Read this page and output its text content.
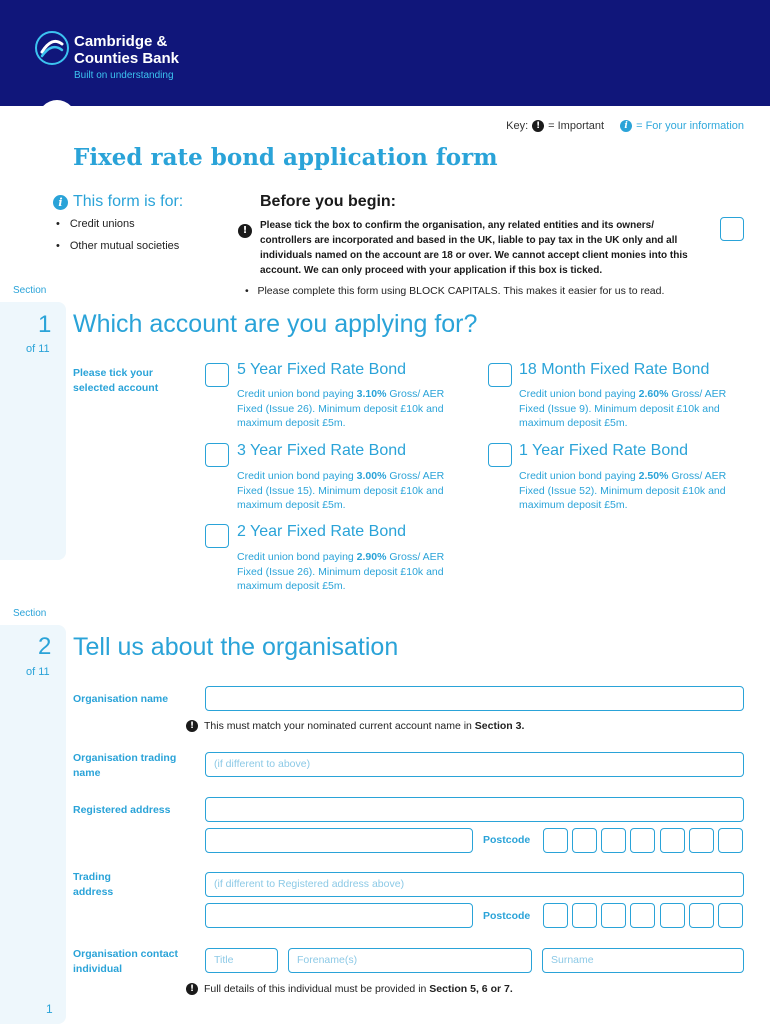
Cambridge &
Counties Bank
Built on understanding
Key: ! = Important	i = For your information
Fixed rate bond application form
i This form is for:
• Credit unions
• Other mutual societies
Before you begin:
!	Please tick the box to confirm the organisation, any related entities and its owners/ controllers are incorporated and based in the UK, liable to pay tax in the UK only and all individuals named on the account are 18 or over. We cannot accept client monies into this account. We can only proceed with your application if this box is ticked.
•   Please complete this form using BLOCK CAPITALS. This makes it easier for us to read.
Section
1
of 11
Which account are you applying for?
Please tick your selected account
5 Year Fixed Rate Bond
Credit union bond paying 3.10% Gross/ AER Fixed (Issue 26). Minimum deposit £10k and maximum deposit £5m.
18 Month Fixed Rate Bond
Credit union bond paying 2.60% Gross/ AER Fixed (Issue 9). Minimum deposit £10k and maximum deposit £5m.
3 Year Fixed Rate Bond
Credit union bond paying 3.00% Gross/ AER Fixed (Issue 15). Minimum deposit £10k and maximum deposit £5m.
1 Year Fixed Rate Bond
Credit union bond paying 2.50% Gross/ AER Fixed (Issue 52). Minimum deposit £10k and maximum deposit £5m.
2 Year Fixed Rate Bond
Credit union bond paying 2.90% Gross/ AER Fixed (Issue 26). Minimum deposit £10k and maximum deposit £5m.
Section
2
of 11
Tell us about the organisation
Organisation name
! This must match your nominated current account name in Section 3.
Organisation trading name
(if different to above)
Registered address
Postcode
Trading address
(if different to Registered address above)
Postcode
Organisation contact individual
Title	Forename(s)	Surname
! Full details of this individual must be provided in Section 5, 6 or 7.
1
